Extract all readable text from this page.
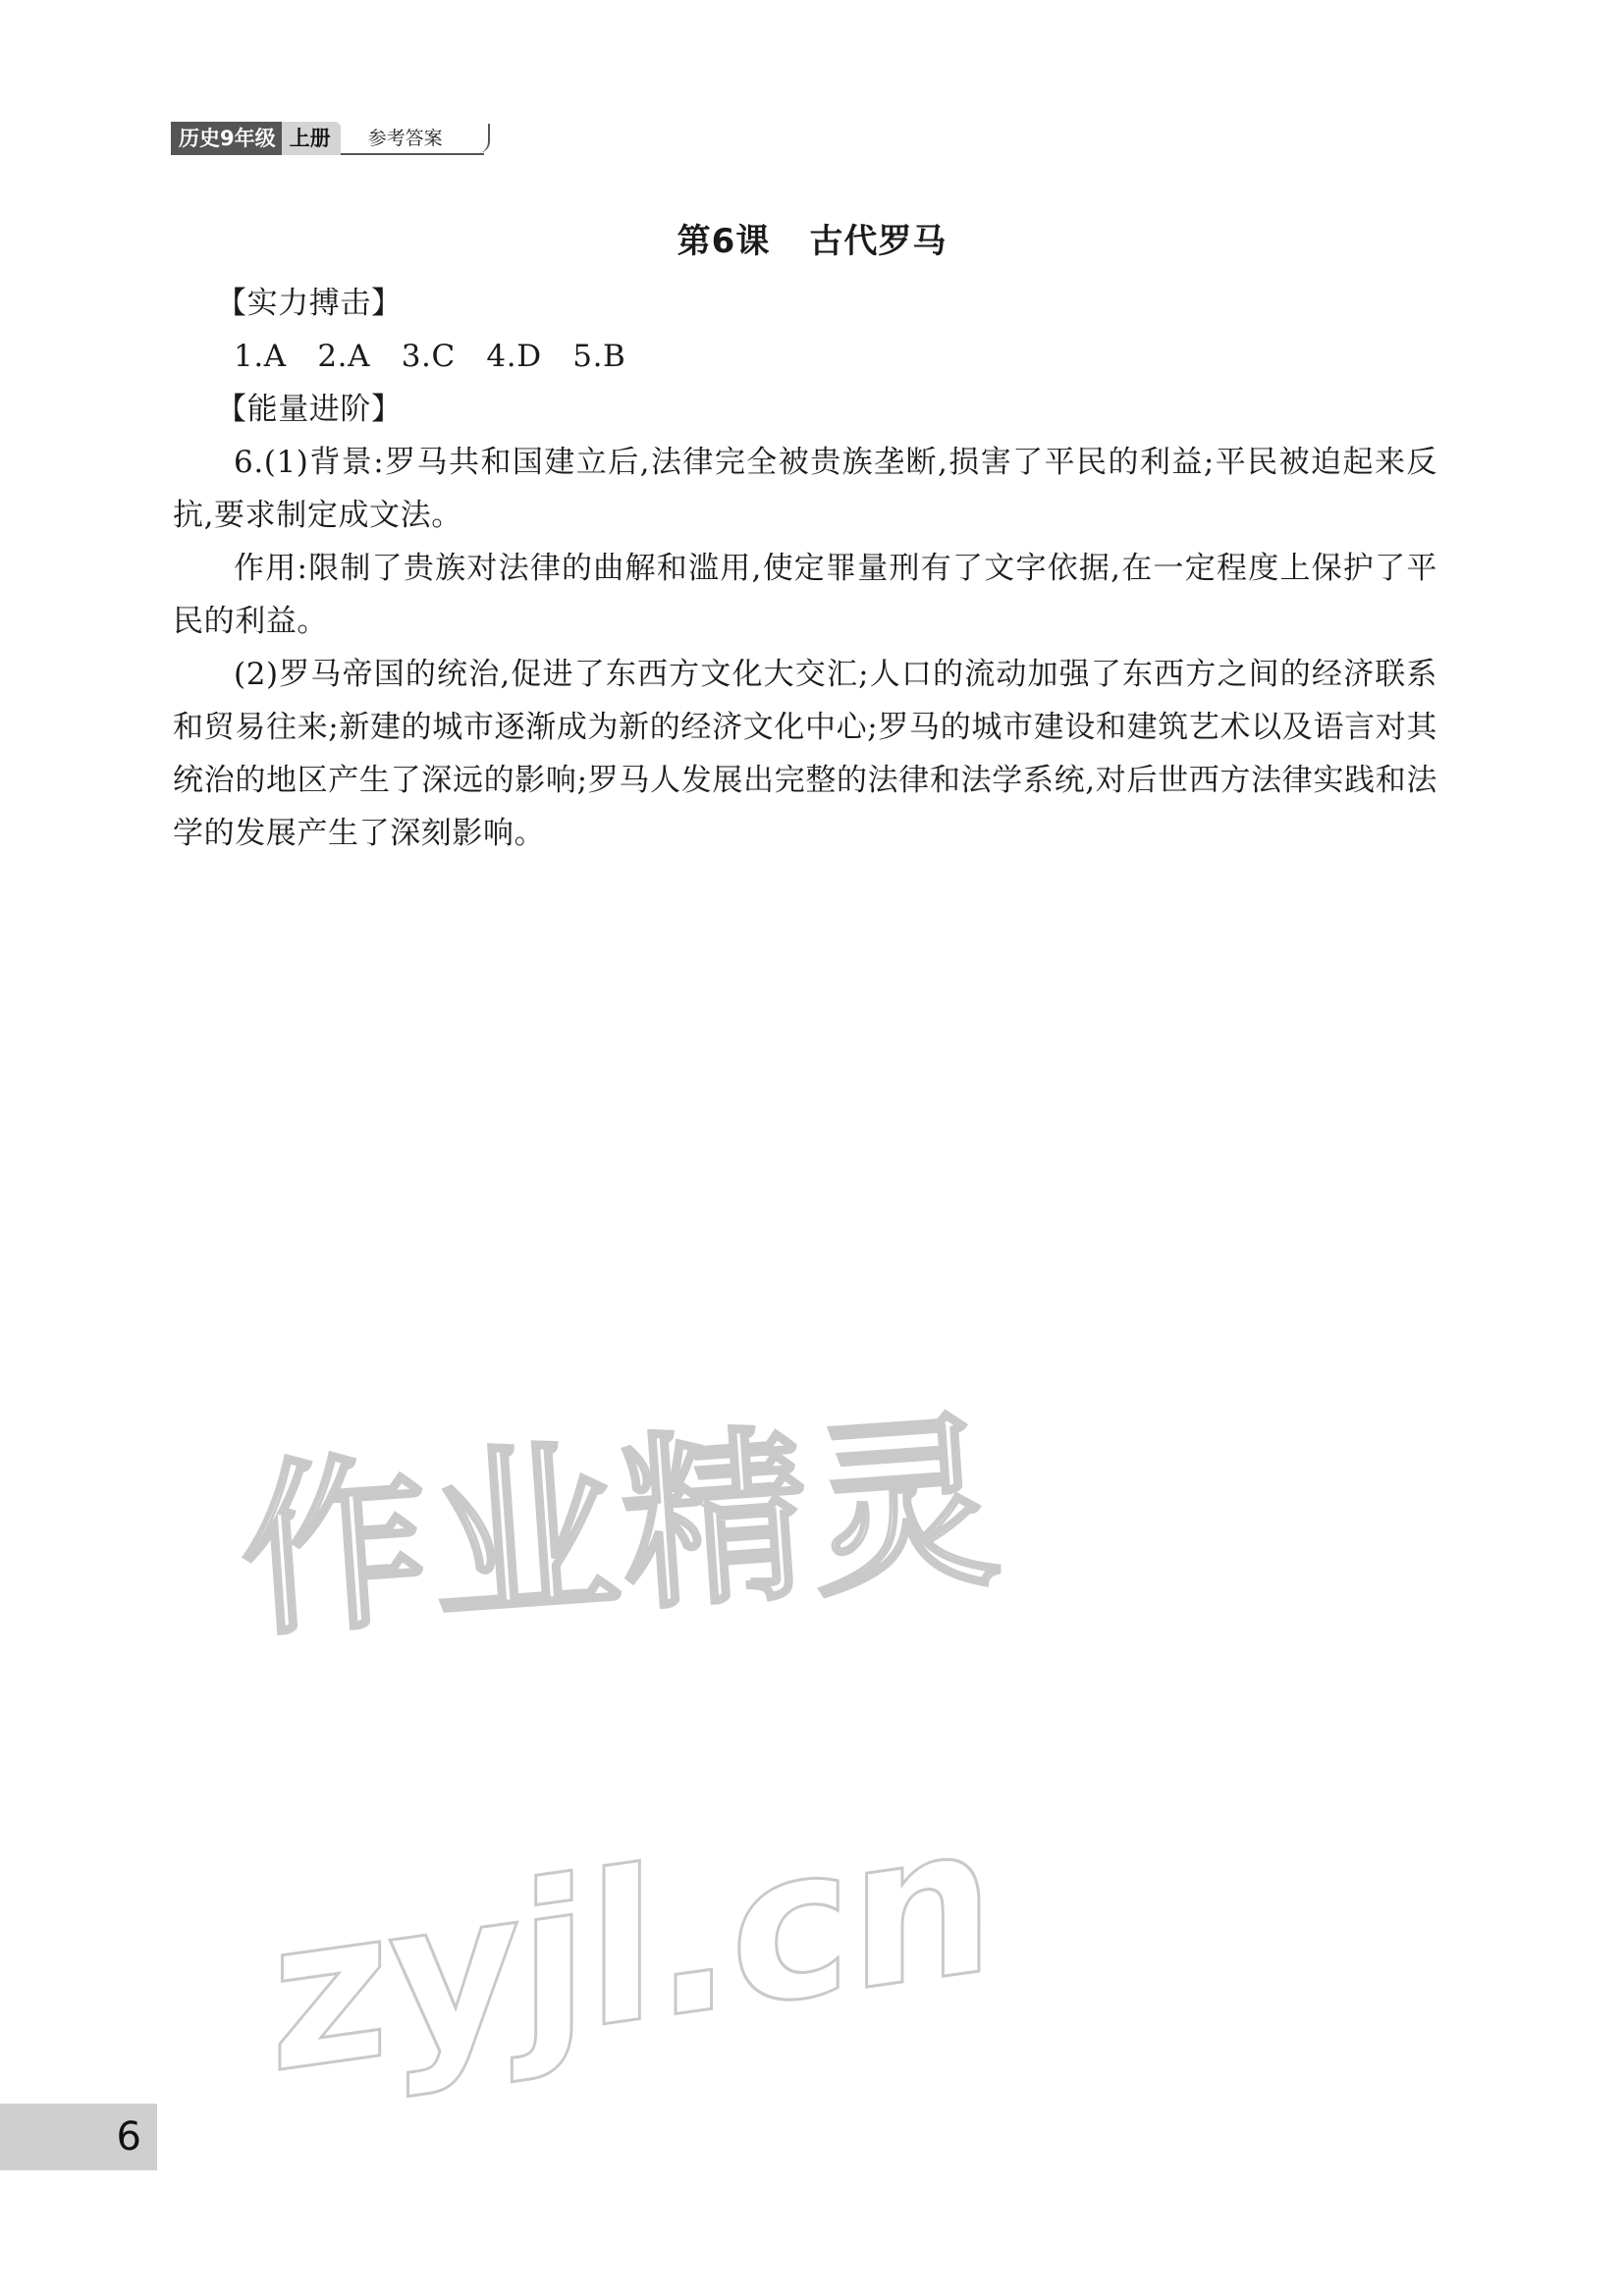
历史9年级 上册	参考答案
第6课 古代罗马

【实力搏击】

1.A　2.A　3.C　4.D　5.B

【能量进阶】

6.(1)背景:罗马共和国建立后,法律完全被贵族垄断,损害了平民的利益;平民被迫起来反抗,要求制定成文法。

作用:限制了贵族对法律的曲解和滥用,使定罪量刑有了文字依据,在一定程度上保护了平民的利益。

(2)罗马帝国的统治,促进了东西方文化大交汇;人口的流动加强了东西方之间的经济联系和贸易往来;新建的城市逐渐成为新的经济文化中心;罗马的城市建设和建筑艺术以及语言对其统治的地区产生了深远的影响;罗马人发展出完整的法律和法学系统,对后世西方法律实践和法学的发展产生了深刻影响。

作业精灵
zyjl.cn
6
